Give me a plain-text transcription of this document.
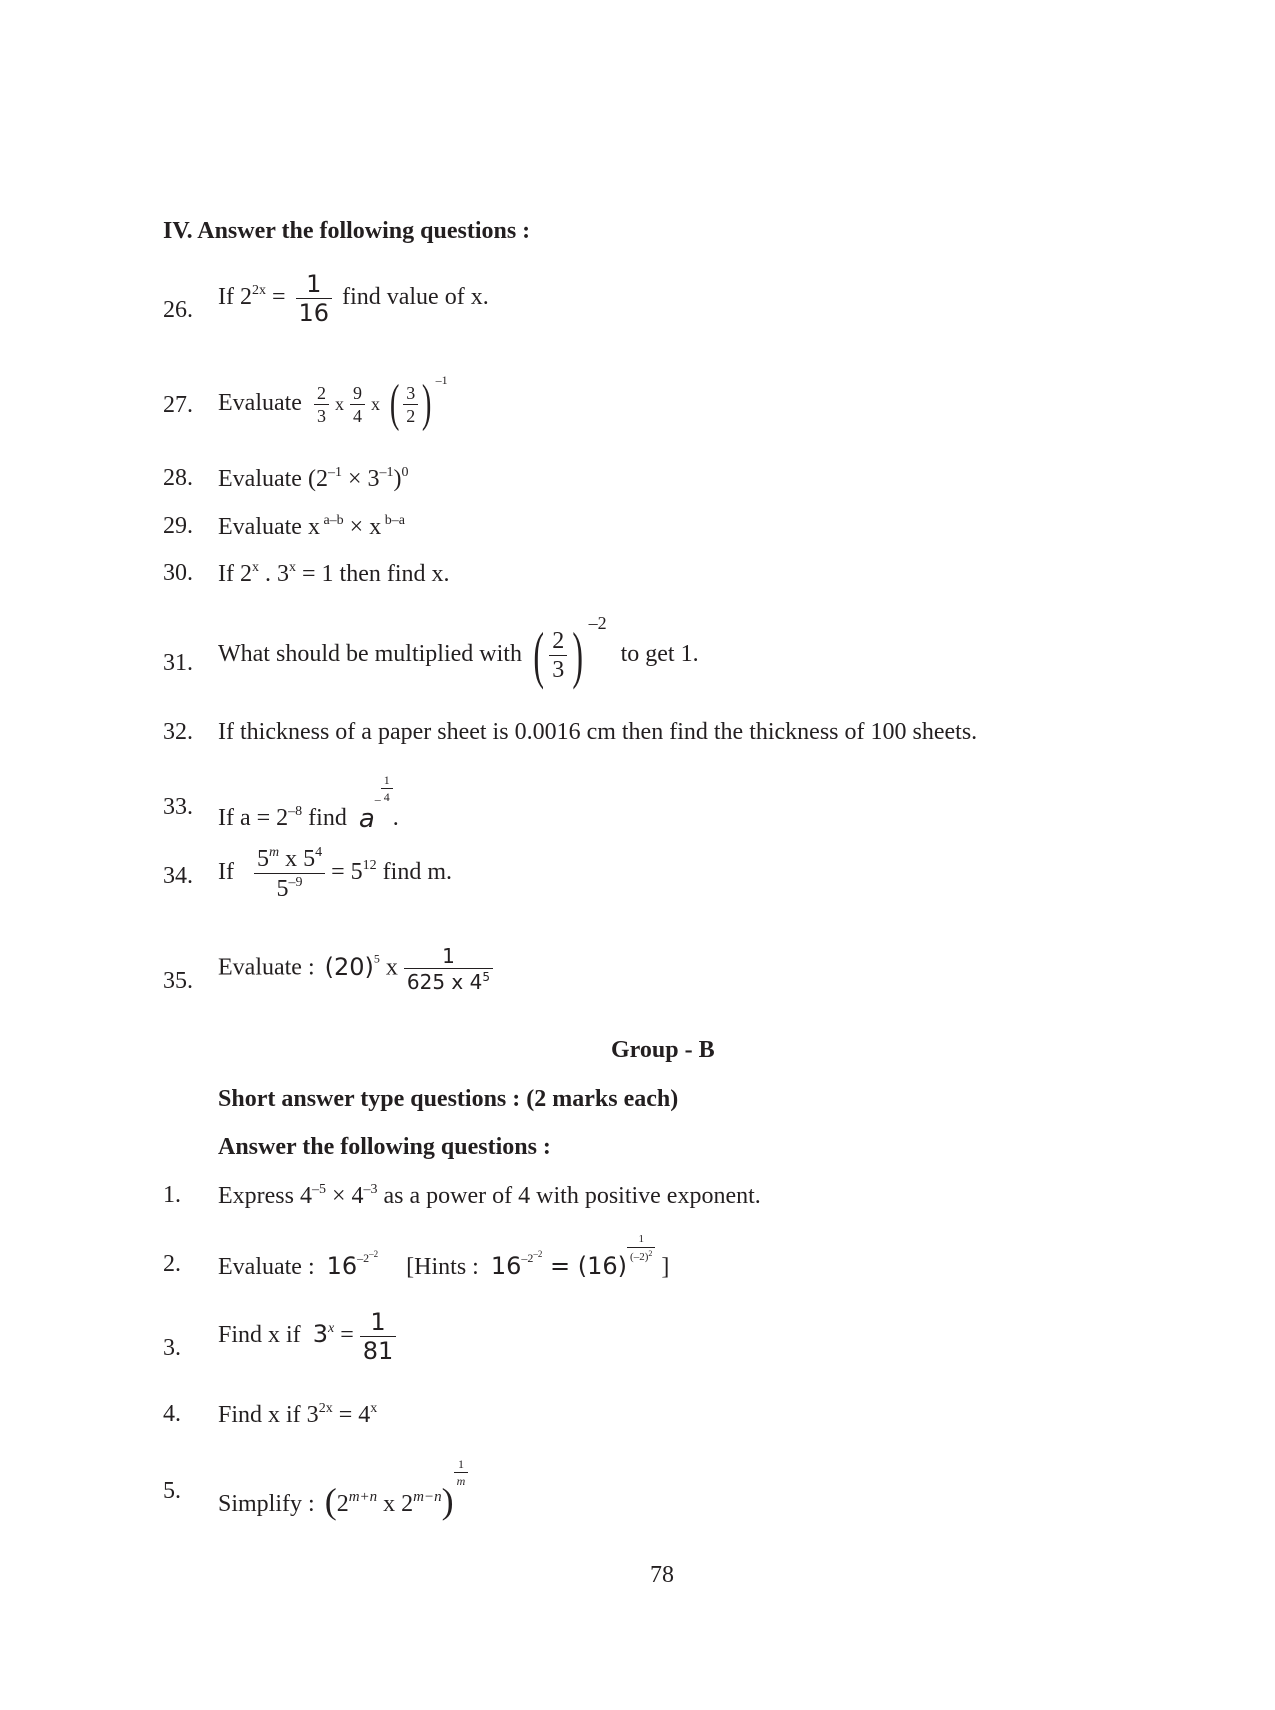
IV. Answer the following questions :
26. If $2^{2x} = \frac{1}{16}$ find value of x.
27. Evaluate $\frac{2}{3}$ x $\frac{9}{4}$ x ( $\frac{3}{2}$ ) $^{-1}$
28. Evaluate $(2^{-1} \times 3^{-1})^0$
29. Evaluate x $^{a-b}$ × x $^{b-a}$
30. If 2$^x$ . $3^x = 1$ then find x.
31. What should be multiplied with ( $\frac{2}{3}$ ) $^{-2}$ to get 1.
32. If thickness of a paper sheet is 0.0016 cm then find the thickness of 100 sheets.
33. If $a = 2^{-8}$ find $a- \frac{1}{4}$
.
34. If $\frac{5^m x 5^4}{5^{-9}} = 5^{12}$ find m.
35.
Evaluate : $(20)^5$ x $\frac{1}{625 x 4^5}$
Group - B
Short answer type questions : (2 marks each)
Answer the following questions :
1. Express $4^{-5} \times 4^{-3}$ as a power of 4 with positive exponent.
2. Evaluate : $16^{-2^{-2}}$ [Hints : $16^{-2^{-2}} = (16)$
$\frac{1}{(-2)^2}$
]
3. Find x if $3^x = \frac{1}{81}$
4. Find x if $3^{2x} = 4^x$
5. Simplify : ($2_{m+n}$ x $2_{m-n}$)
$\frac{1}{m}$
78
